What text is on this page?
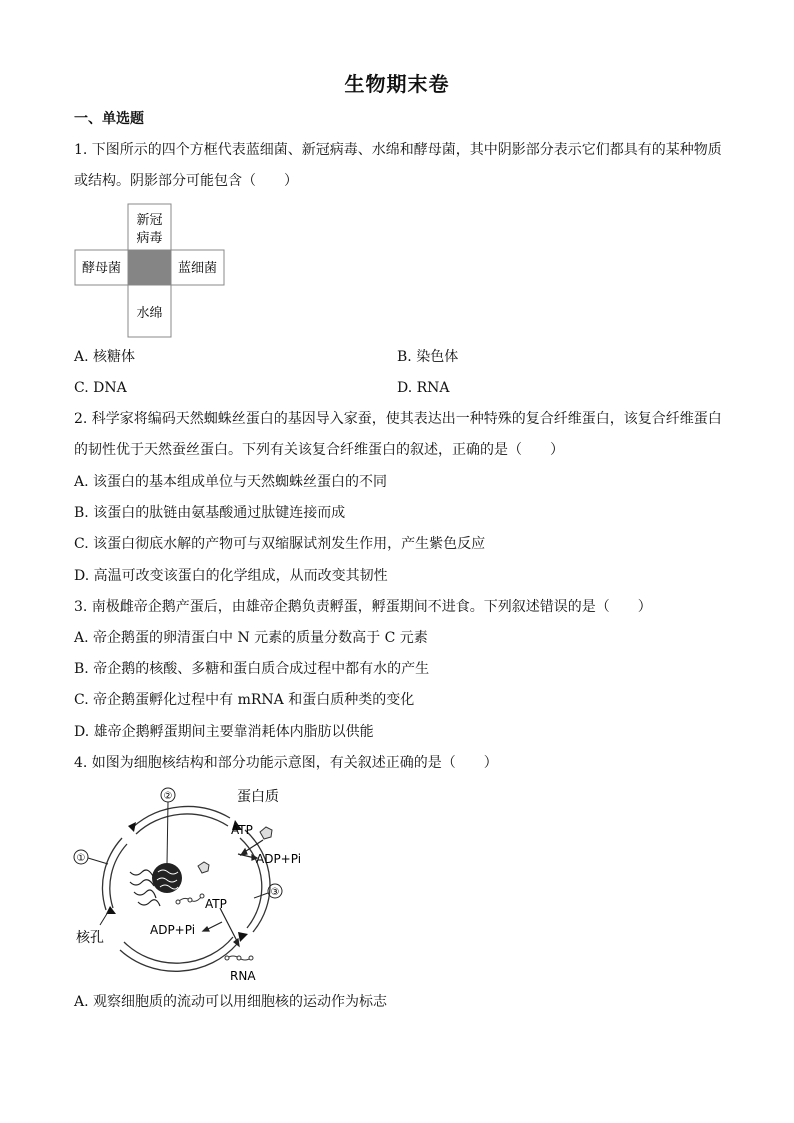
生物期末卷
一、单选题
1. 下图所示的四个方框代表蓝细菌、新冠病毒、水绵和酵母菌，其中阴影部分表示它们都具有的某种物质
或结构。阴影部分可能包含（　　）
新冠
病毒
酵母菌	蓝细菌
水绵
A. 核糖体	B. 染色体
C. DNA	D. RNA
2. 科学家将编码天然蜘蛛丝蛋白的基因导入家蚕，使其表达出一种特殊的复合纤维蛋白，该复合纤维蛋白
的韧性优于天然蚕丝蛋白。下列有关该复合纤维蛋白的叙述，正确的是（　　）
A. 该蛋白的基本组成单位与天然蜘蛛丝蛋白的不同
B. 该蛋白的肽链由氨基酸通过肽键连接而成
C. 该蛋白彻底水解的产物可与双缩脲试剂发生作用，产生紫色反应
D. 高温可改变该蛋白的化学组成，从而改变其韧性
3. 南极雌帝企鹅产蛋后，由雄帝企鹅负责孵蛋，孵蛋期间不进食。下列叙述错误的是（　　）
A. 帝企鹅蛋的卵清蛋白中 N 元素的质量分数高于 C 元素
B. 帝企鹅的核酸、多糖和蛋白质合成过程中都有水的产生
C. 帝企鹅蛋孵化过程中有 mRNA 和蛋白质种类的变化
D. 雄帝企鹅孵蛋期间主要靠消耗体内脂肪以供能
4. 如图为细胞核结构和部分功能示意图，有关叙述正确的是（　　）
②
①
③
蛋白质
ATP
ADP+Pi
ATP
ADP+Pi
核孔
RNA
A. 观察细胞质的流动可以用细胞核的运动作为标志
